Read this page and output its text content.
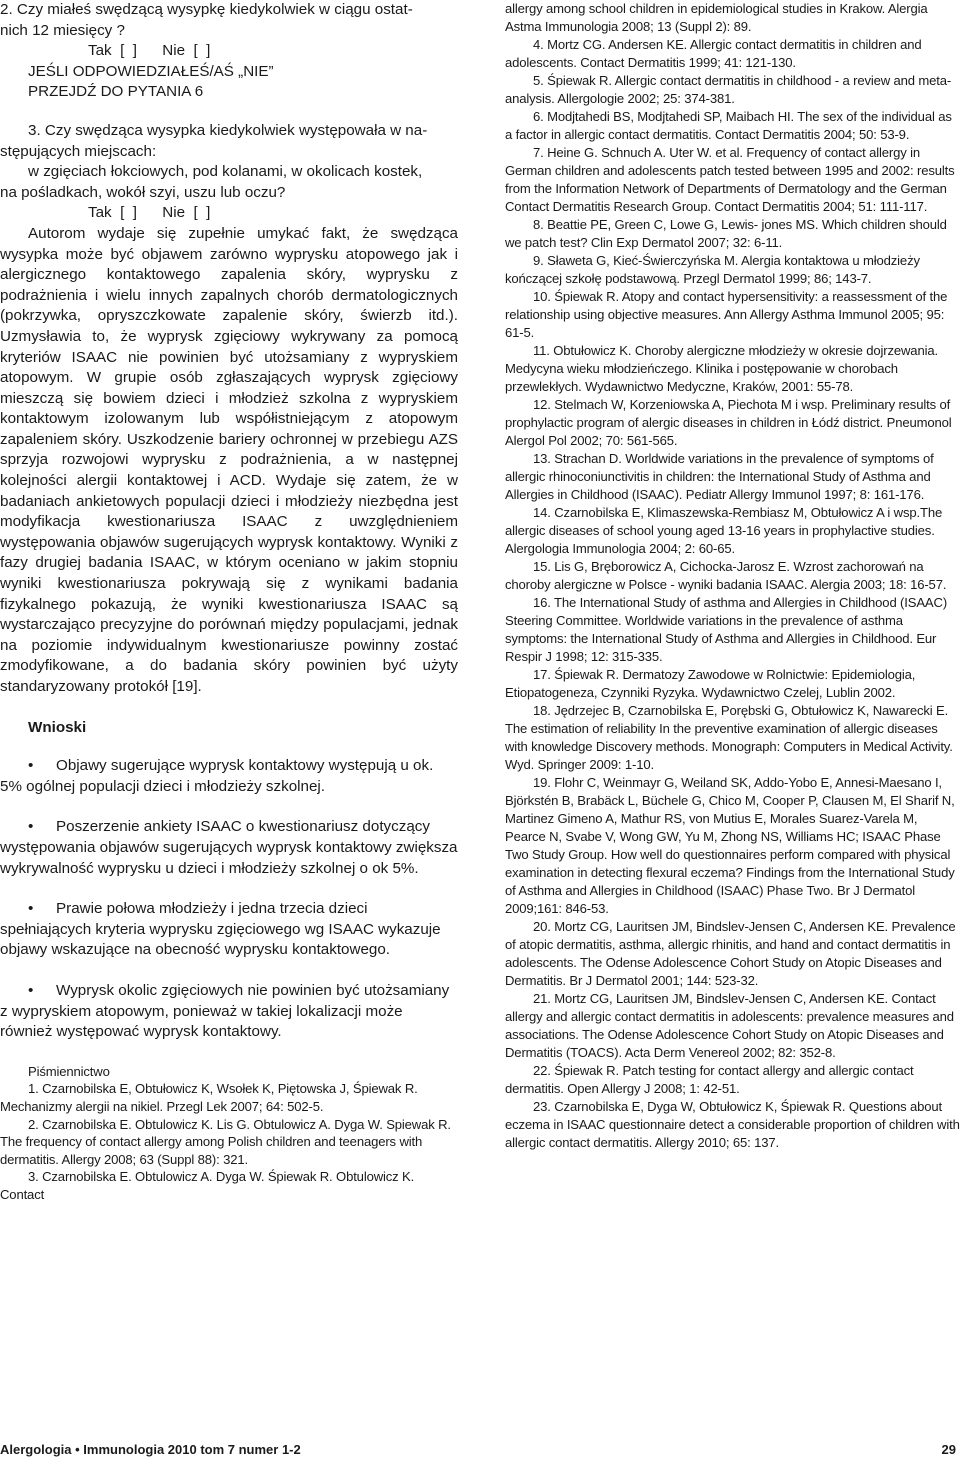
2. Czy miałeś swędzącą wysypkę kiedykolwiek w ciągu ostat-

nich 12 miesięcy ?

Tak  [  ]      Nie  [  ]

JEŚLI ODPOWIEDZIAŁEŚ/AŚ „NIE”

PRZEJDŹ DO PYTANIA 6

3. Czy swędząca wysypka kiedykolwiek występowała w na-

stępujących miejscach:

w zgięciach łokciowych, pod kolanami, w okolicach kostek,

na pośladkach, wokół szyi, uszu lub oczu?

Tak  [  ]      Nie  [  ]

Autorom wydaje się zupełnie umykać fakt, że swędząca wysypka może być objawem zarówno wyprysku atopowego jak i alergicznego kontaktowego zapalenia skóry, wyprysku z podrażnienia i wielu innych zapalnych chorób dermatologicznych (pokrzywka, opryszczkowate zapalenie skóry, świerzb itd.). Uzmysławia to, że wyprysk zgięciowy wykrywany za pomocą kryteriów ISAAC nie powinien być utożsamiany z wypryskiem atopowym. W grupie osób zgłaszających wyprysk zgięciowy mieszczą się bowiem dzieci i młodzież szkolna z wypryskiem kontaktowym izolowanym lub współistniejącym z atopowym zapaleniem skóry. Uszkodzenie bariery ochronnej w przebiegu AZS sprzyja rozwojowi wyprysku z podrażnienia, a w następnej kolejności alergii kontaktowej i ACD. Wydaje się zatem, że w badaniach ankietowych populacji dzieci i młodzieży niezbędna jest modyfikacja kwestionariusza ISAAC z uwzględnieniem występowania objawów sugerujących wyprysk kontaktowy. Wyniki z fazy drugiej badania ISAAC, w którym oceniano w jakim stopniu wyniki kwestionariusza pokrywają się z wynikami badania fizykalnego pokazują, że wyniki kwestionariusza ISAAC są wystarczająco precyzyjne do porównań między populacjami, jednak na poziomie indywidualnym kwestionariusze powinny zostać zmodyfikowane, a do badania skóry powinien być użyty standaryzowany protokół [19].

Wnioski

• Objawy sugerujące wyprysk kontaktowy występują u ok. 5% ogólnej populacji dzieci i młodzieży szkolnej.
• Poszerzenie ankiety ISAAC o kwestionariusz dotyczący występowania objawów sugerujących wyprysk kontaktowy zwiększa wykrywalność wyprysku u dzieci i młodzieży szkolnej o ok 5%.
• Prawie połowa młodzieży i jedna trzecia dzieci spełniających kryteria wyprysku zgięciowego wg ISAAC wykazuje objawy wskazujące na obecność wyprysku kontaktowego.
• Wyprysk okolic zgięciowych nie powinien być utożsamiany z wypryskiem atopowym, ponieważ w takiej lokalizacji może również występować wyprysk kontaktowy.

Piśmiennictwo

1. Czarnobilska E, Obtułowicz K, Wsołek K, Piętowska J, Śpiewak R. Mechanizmy alergii na nikiel. Przegl Lek 2007; 64: 502-5.

2. Czarnobilska E. Obtulowicz K. Lis G. Obtulowicz A. Dyga W. Spiewak R. The frequency of contact allergy among Polish children and teenagers with dermatitis. Allergy 2008; 63 (Suppl 88): 321.

3. Czarnobilska E. Obtulowicz A. Dyga W. Śpiewak R. Obtulowicz K. Contact

allergy among school children in epidemiological studies in Krakow. Alergia Astma Immunologia 2008; 13 (Suppl 2): 89.

4. Mortz CG. Andersen KE. Allergic contact dermatitis in children and adolescents. Contact Dermatitis 1999; 41: 121-130.

5. Śpiewak R. Allergic contact dermatitis in childhood - a review and meta-analysis. Allergologie 2002; 25: 374-381.

6. Modjtahedi BS, Modjtahedi SP, Maibach HI. The sex of the individual as a factor in allergic contact dermatitis. Contact Dermatitis 2004; 50: 53-9.

7. Heine G. Schnuch A. Uter W. et al. Frequency of contact allergy in German children and adolescents patch tested between 1995 and 2002: results from the Information Network of Departments of Dermatology and the German Contact Dermatitis Research Group. Contact Dermatitis 2004; 51: 111-117.

8. Beattie PE, Green C, Lowe G, Lewis- jones MS. Which children should we patch test? Clin Exp Dermatol 2007; 32: 6-11.

9. Sławeta G, Kieć-Świerczyńska M. Alergia kontaktowa u młodzieży kończącej szkołę podstawową. Przegl Dermatol 1999; 86; 143-7.

10. Śpiewak R. Atopy and contact hypersensitivity: a reassessment of the relationship using objective measures. Ann Allergy Asthma Immunol 2005; 95: 61-5.

11. Obtułowicz K. Choroby alergiczne młodzieży w okresie dojrzewania. Medycyna wieku młodzieńczego. Klinika i postępowanie w chorobach przewlekłych. Wydawnictwo Medyczne, Kraków, 2001: 55-78.

12. Stelmach W, Korzeniowska A, Piechota M i wsp. Preliminary results of prophylactic program of alergic diseases in children in Łódź district. Pneumonol Alergol Pol 2002; 70: 561-565.

13. Strachan D. Worldwide variations in the prevalence of symptoms of allergic rhinoconiunctivitis in children: the International Study of Asthma and Allergies in Childhood (ISAAC). Pediatr Allergy Immunol 1997; 8: 161-176.

14. Czarnobilska E, Klimaszewska-Rembiasz M, Obtułowicz A i wsp.The allergic diseases of school young aged 13-16 years in prophylactive studies. Alergologia Immunologia 2004; 2: 60-65.

15. Lis G, Bręborowicz A, Cichocka-Jarosz E. Wzrost zachorowań na choroby alergiczne w Polsce - wyniki badania ISAAC. Alergia 2003; 18: 16-57.

16. The International Study of asthma and Allergies in Childhood (ISAAC) Steering Committee. Worldwide variations in the prevalence of asthma symptoms: the International Study of Asthma and Allergies in Childhood. Eur Respir J 1998; 12: 315-335.

17. Śpiewak R. Dermatozy Zawodowe w Rolnictwie: Epidemiologia, Etiopatogeneza, Czynniki Ryzyka. Wydawnictwo Czelej, Lublin 2002.

18. Jędrzejec B, Czarnobilska E, Porębski G, Obtułowicz K, Nawarecki E. The estimation of reliability In the preventive examination of allergic diseases with knowledge Discovery methods. Monograph: Computers in Medical Activity. Wyd. Springer 2009: 1-10.

19. Flohr C, Weinmayr G, Weiland SK, Addo-Yobo E, Annesi-Maesano I, Björkstén B, Brabäck L, Büchele G, Chico M, Cooper P, Clausen M, El Sharif N, Martinez Gimeno A, Mathur RS, von Mutius E, Morales Suarez-Varela M, Pearce N, Svabe V, Wong GW, Yu M, Zhong NS, Williams HC; ISAAC Phase Two Study Group. How well do questionnaires perform compared with physical examination in detecting flexural eczema? Findings from the International Study of Asthma and Allergies in Childhood (ISAAC) Phase Two. Br J Dermatol 2009;161: 846-53.

20. Mortz CG, Lauritsen JM, Bindslev-Jensen C, Andersen KE. Prevalence of atopic dermatitis, asthma, allergic rhinitis, and hand and contact dermatitis in adolescents. The Odense Adolescence Cohort Study on Atopic Diseases and Dermatitis. Br J Dermatol 2001; 144: 523-32.

21. Mortz CG, Lauritsen JM, Bindslev-Jensen C, Andersen KE. Contact allergy and allergic contact dermatitis in adolescents: prevalence measures and associations. The Odense Adolescence Cohort Study on Atopic Diseases and Dermatitis (TOACS). Acta Derm Venereol 2002; 82: 352-8.

22. Śpiewak R. Patch testing for contact allergy and allergic contact dermatitis. Open Allergy J 2008; 1: 42-51.

23. Czarnobilska E, Dyga W, Obtułowicz K, Śpiewak R. Questions about eczema in ISAAC questionnaire detect a considerable proportion of children with allergic contact dermatitis. Allergy 2010; 65: 137.

Alergologia • Immunologia 2010 tom 7 numer 1-2	29
